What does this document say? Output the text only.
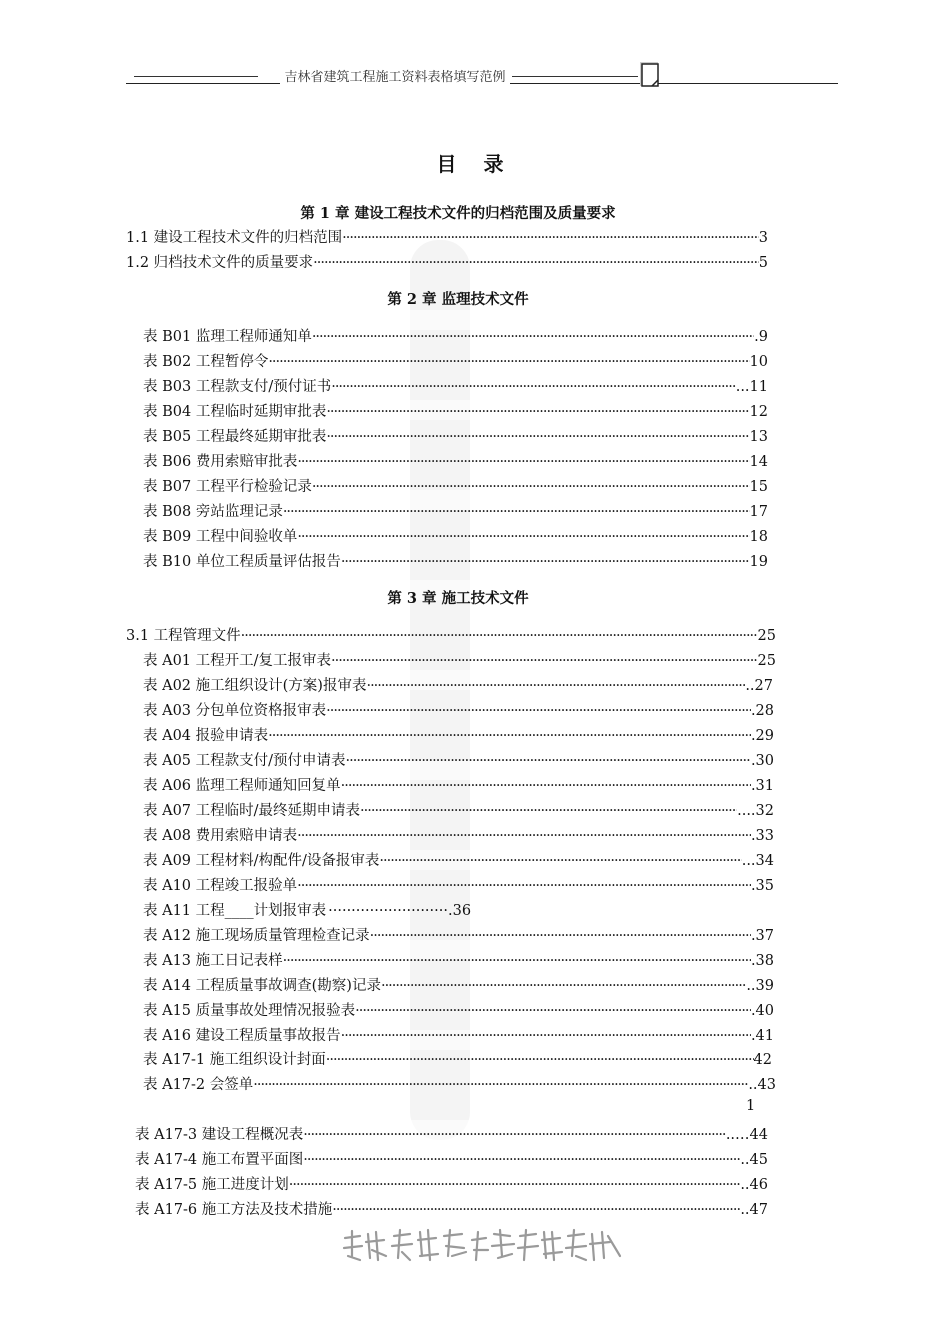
吉林省建筑工程施工资料表格填写范例
目 录
第 1 章 建设工程技术文件的归档范围及质量要求
1.1 建设工程技术文件的归档范围 ·····	3
1.2 归档技术文件的质量要求 ·····	5
第 2 章 监理技术文件
表 B01 监理工程师通知单 ·····	.9
表 B02 工程暂停令 ·····	10
表 B03 工程款支付/预付证书 ·····	...11
表 B04 工程临时延期审批表 ·····	12
表 B05 工程最终延期审批表 ·····	13
表 B06 费用索赔审批表 ·····	14
表 B07 工程平行检验记录 ·····	15
表 B08 旁站监理记录 ·····	17
表 B09 工程中间验收单 ·····	18
表 B10 单位工程质量评估报告 ·····	19
第 3 章 施工技术文件
3.1 工程管理文件 ·····	25
表 A01 工程开工/复工报审表 ·····	25
表 A02 施工组织设计(方案)报审表 ·····	..27
表 A03 分包单位资格报审表 ·····	.28
表 A04 报验申请表 ·····	.29
表 A05 工程款支付/预付申请表 ·····	.30
表 A06 监理工程师通知回复单 ·····	.31
表 A07 工程临时/最终延期申请表 ·····	....32
表 A08 费用索赔申请表 ·····	.33
表 A09 工程材料/构配件/设备报审表 ·····	...34
表 A10 工程竣工报验单 ·····	.35
表 A11 工程____计划报审表 ··························.36
表 A12 施工现场质量管理检查记录 ·····	.37
表 A13 施工日记表样 ·····	.38
表 A14 工程质量事故调查(勘察)记录 ·····	..39
表 A15 质量事故处理情况报验表 ·····	.40
表 A16 建设工程质量事故报告 ·····	.41
表 A17-1 施工组织设计封面 ·····	42
表 A17-2 会签单 ·····	..43
1
表 A17-3 建设工程概况表 ·····	..…44
表 A17-4 施工布置平面图 ·····	..45
表 A17-5 施工进度计划 ·····	..46
表 A17-6 施工方法及技术措施 ·····	..47
